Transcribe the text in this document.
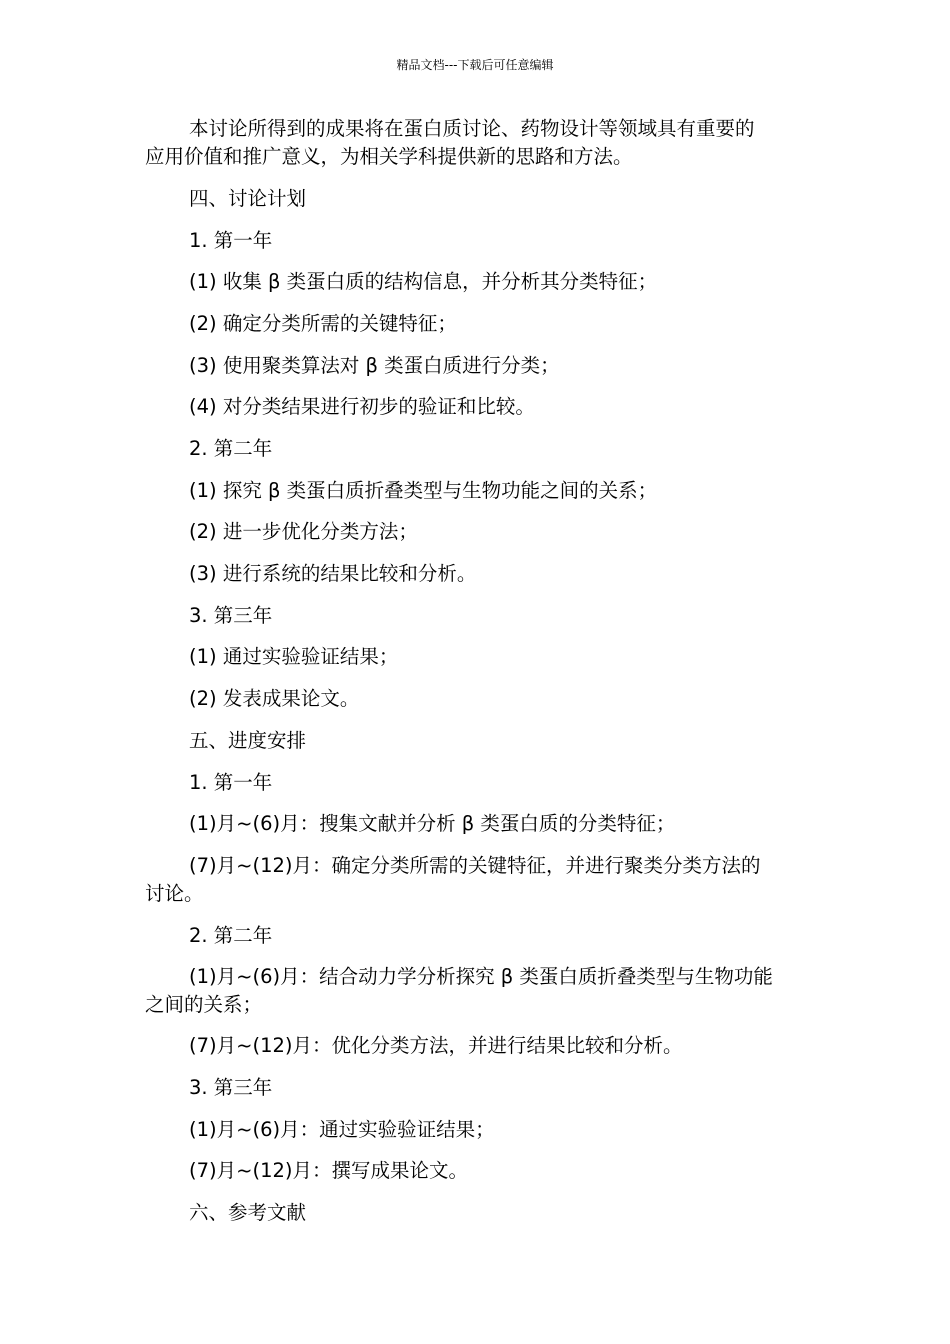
精品文档---下载后可任意编辑
本讨论所得到的成果将在蛋白质讨论、药物设计等领域具有重要的
应用价值和推广意义，为相关学科提供新的思路和方法。
四、讨论计划
1. 第一年
(1) 收集 β 类蛋白质的结构信息，并分析其分类特征；
(2) 确定分类所需的关键特征；
(3) 使用聚类算法对 β 类蛋白质进行分类；
(4) 对分类结果进行初步的验证和比较。
2. 第二年
(1) 探究 β 类蛋白质折叠类型与生物功能之间的关系；
(2) 进一步优化分类方法；
(3) 进行系统的结果比较和分析。
3. 第三年
(1) 通过实验验证结果；
(2) 发表成果论文。
五、进度安排
1. 第一年
(1)月~(6)月：搜集文献并分析 β 类蛋白质的分类特征；
(7)月~(12)月：确定分类所需的关键特征，并进行聚类分类方法的
讨论。
2. 第二年
(1)月~(6)月：结合动力学分析探究 β 类蛋白质折叠类型与生物功能
之间的关系；
(7)月~(12)月：优化分类方法，并进行结果比较和分析。
3. 第三年
(1)月~(6)月：通过实验验证结果；
(7)月~(12)月：撰写成果论文。
六、参考文献
